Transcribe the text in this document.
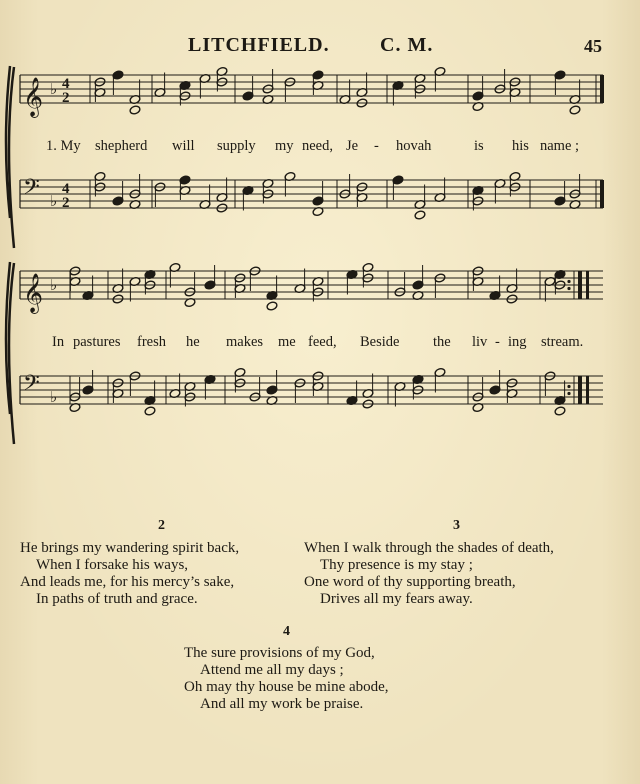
LITCHFIELD.	C. M.	45
𝄞 ♭ 4
2
𝄢 ♭
4
2
𝄞 ♭
𝄢 ♭
1. My shepherd will supply my need, Je - hovah	is his name ;
In pastures fresh he makes me feed, Beside the liv - ing stream.
2	3
He brings my wandering spirit back,
When I forsake his ways,
And leads me, for his mercy’s sake,
In paths of truth and grace.
When I walk through the shades of death,
Thy presence is my stay ;
One word of thy supporting breath,
Drives all my fears away.
4
The sure provisions of my God,
Attend me all my days ;
Oh may thy house be mine abode,
And all my work be praise.
